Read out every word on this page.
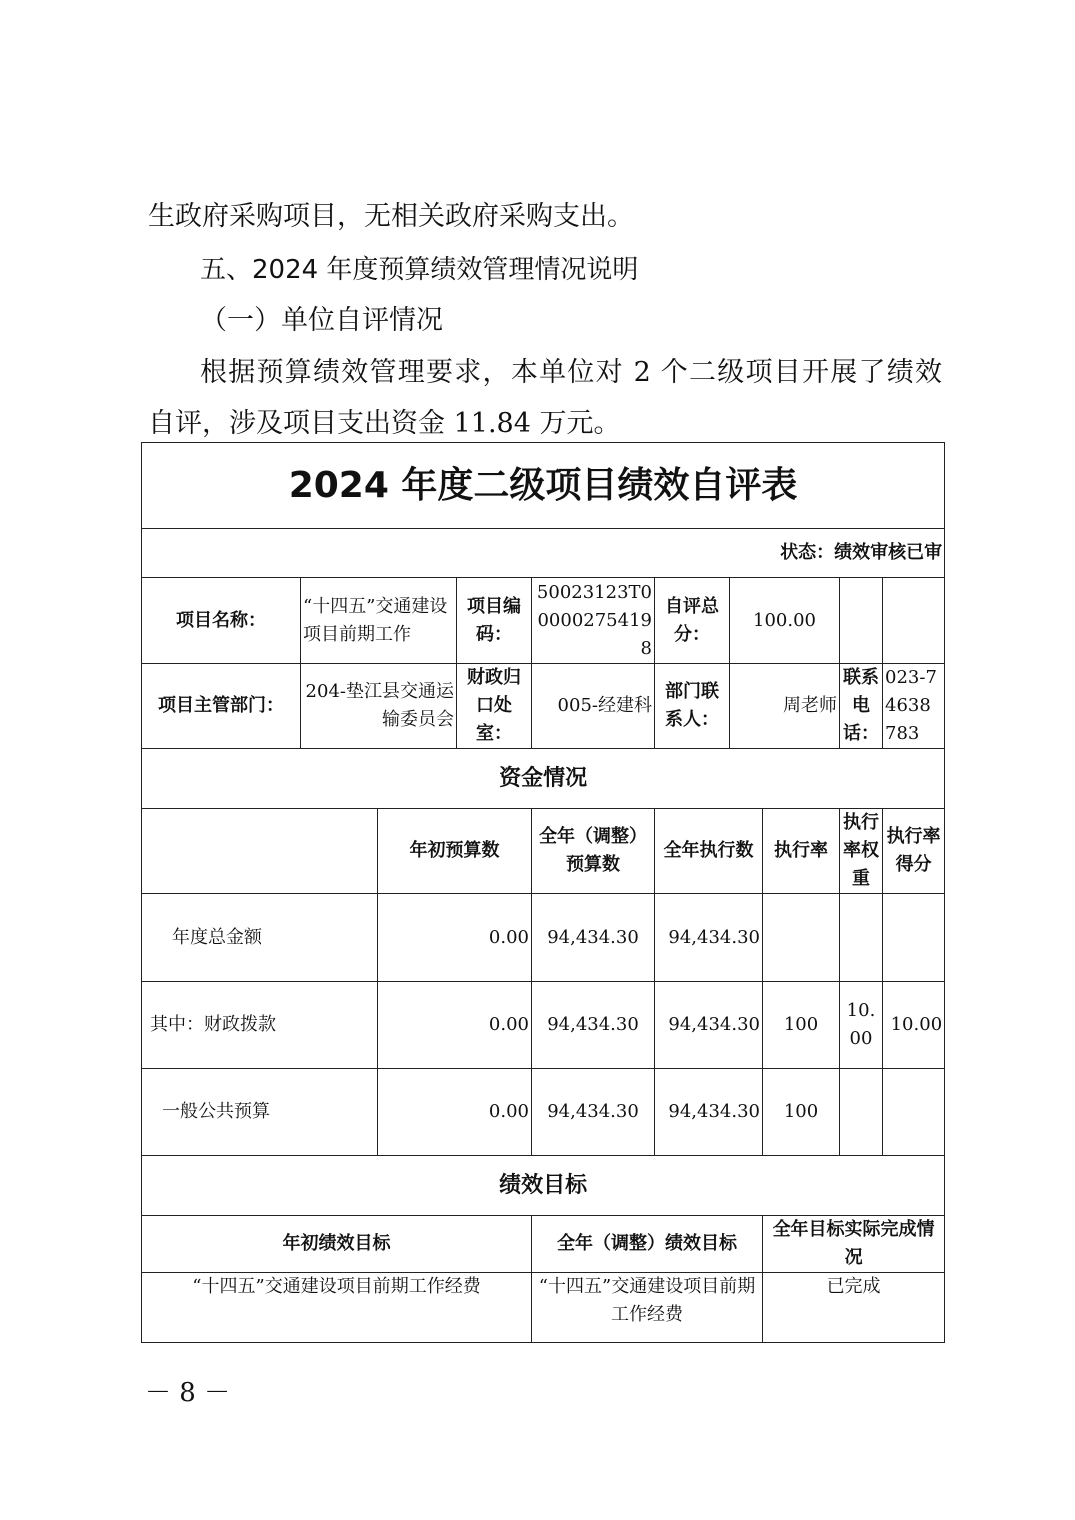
生政府采购项目，无相关政府采购支出。
五、2024 年度预算绩效管理情况说明
（一）单位自评情况
根据预算绩效管理要求，本单位对 2 个二级项目开展了绩效
自评，涉及项目支出资金 11.84 万元。
2024 年度二级项目绩效自评表									
状态：绩效审核已审									
项目名称：	“十四五”交通建设项目前期工作		项目编码：	50023123T000002754198	自评总分：	100.00			
项目主管部门：	204-垫江县交通运输委员会		财政归口处室：	005-经建科	部门联系人：	周老师		联系电话：	023-74638783
资金情况									
		年初预算数		全年（调整）预算数	全年执行数		执行率	执行率权重	执行率得分
年度总金额		0.00		94,434.30	94,434.30				
其中：财政拨款		0.00		94,434.30	94,434.30		100	10.00	10.00
一般公共预算		0.00		94,434.30	94,434.30		100		
绩效目标									
年初绩效目标				全年（调整）绩效目标			全年目标实际完成情况		
“十四五”交通建设项目前期工作经费				“十四五”交通建设项目前期工作经费			已完成		
－ 8 －
